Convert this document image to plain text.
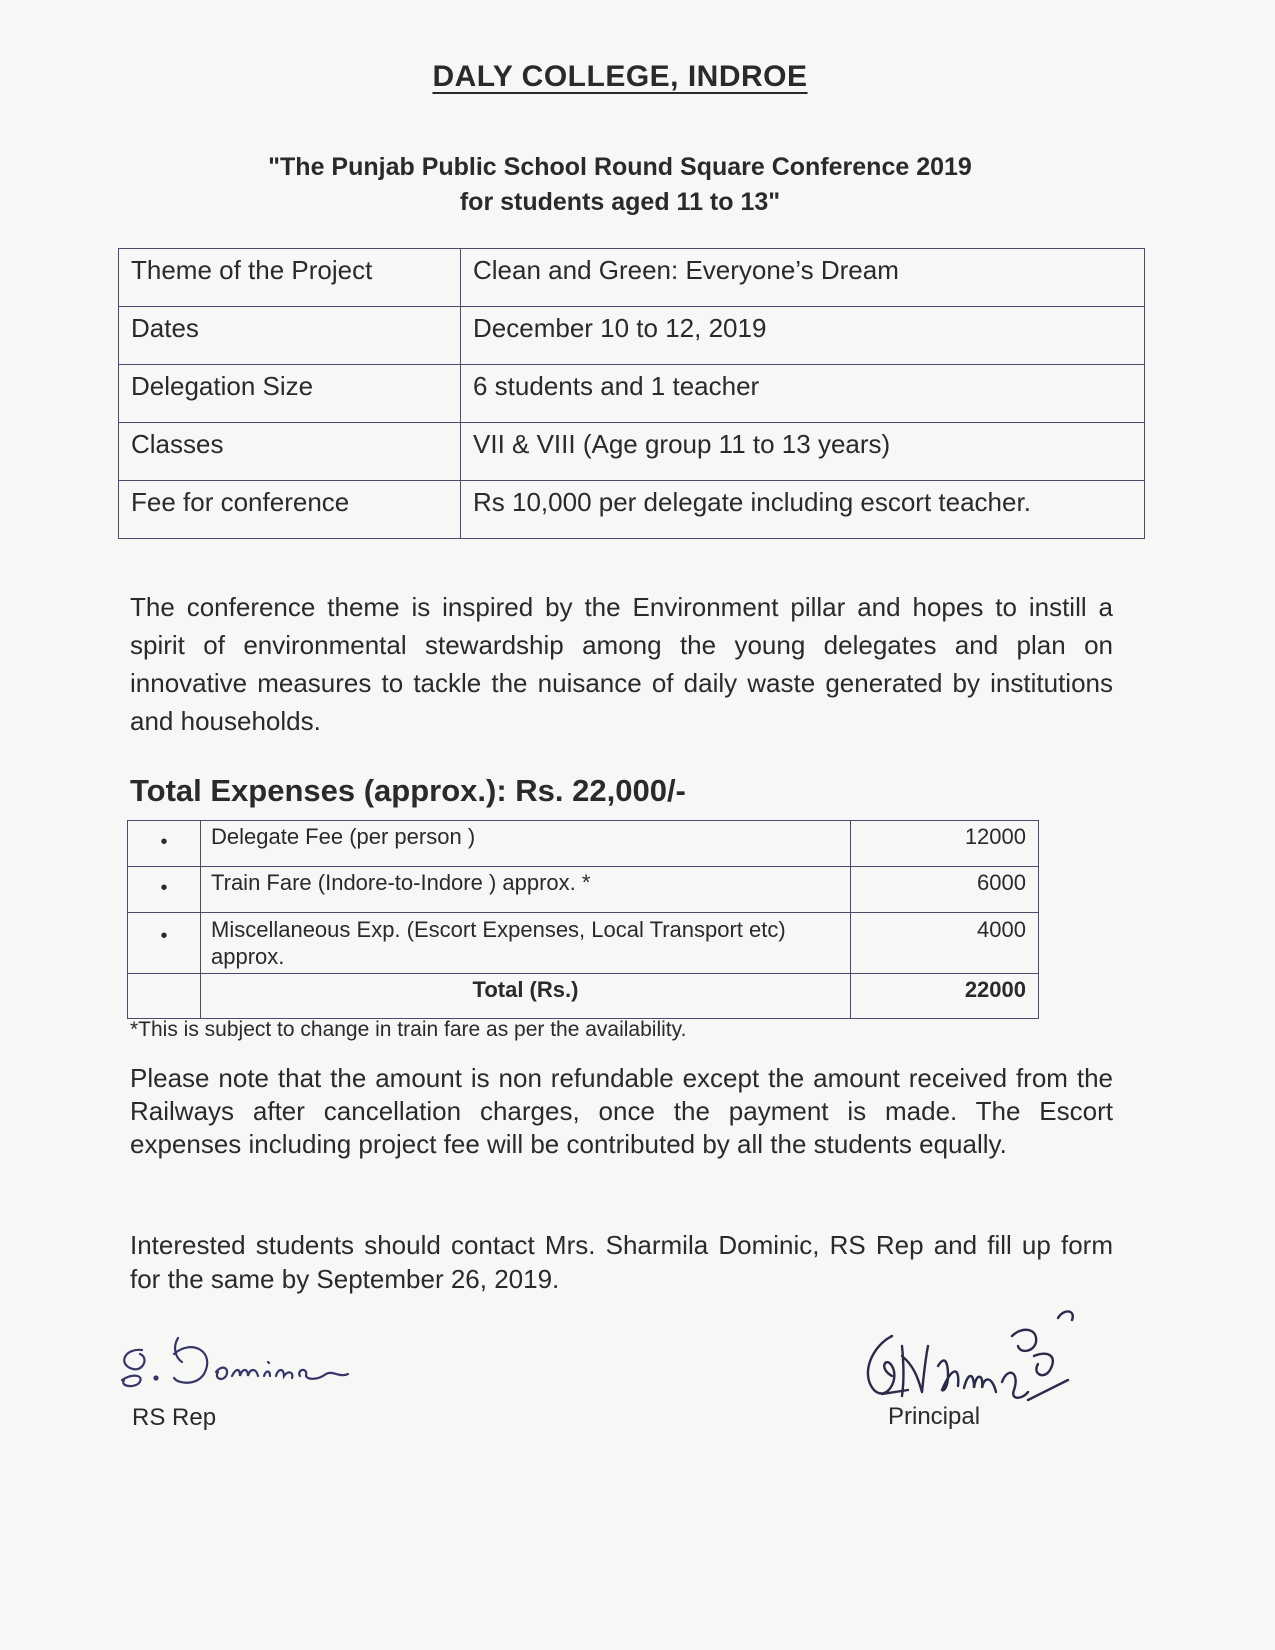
DALY COLLEGE, INDROE
"The Punjab Public School Round Square Conference 2019
for students aged 11 to 13"
Theme of the Project	Clean and Green: Everyone’s Dream
Dates	December 10 to 12, 2019
Delegation Size	6 students and 1 teacher
Classes	VII & VIII (Age group 11 to 13 years)
Fee for conference	Rs 10,000 per delegate including escort teacher.
The conference theme is inspired by the Environment pillar and hopes to instill a spirit of environmental stewardship among the young delegates and plan on innovative measures to tackle the nuisance of daily waste generated by institutions and households.
Total Expenses (approx.): Rs. 22,000/-
•	Delegate Fee (per person )	12000
•	Train Fare (Indore-to-Indore ) approx. *	6000
•	Miscellaneous Exp. (Escort Expenses, Local Transport etc) approx.	4000
	Total (Rs.)	22000
*This is subject to change in train fare as per the availability.
Please note that the amount is non refundable except the amount received from the Railways after cancellation charges, once the payment is made. The Escort expenses including project fee will be contributed by all the students equally.
Interested students should contact Mrs. Sharmila Dominic, RS Rep and fill up form for the same by September 26, 2019.
RS Rep	Principal
